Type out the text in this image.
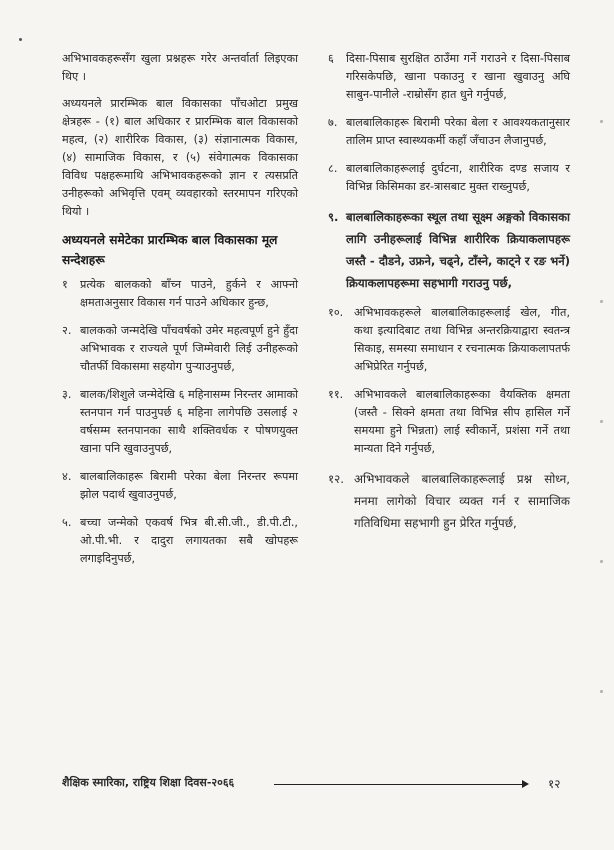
अभिभावकहरूसँग खुला प्रश्नहरू गरेर अन्तर्वार्ता लिइएका थिए ।

अध्ययनले प्रारम्भिक बाल विकासका पाँचओटा प्रमुख क्षेत्रहरू - (१) बाल अधिकार र प्रारम्भिक बाल विकासको महत्व, (२) शारीरिक विकास, (३) संज्ञानात्मक विकास, (४) सामाजिक विकास, र (५) संवेगात्मक विकासका विविध पक्षहरूमाथि अभिभावकहरूको ज्ञान र त्यसप्रति उनीहरूको अभिवृत्ति एवम् व्यवहारको स्तरमापन गरिएको थियो ।

अध्ययनले समेटेका प्रारम्भिक बाल विकासका मूल सन्देशहरू
१	प्रत्येक बालकको बाँच्न पाउने, हुर्कने र आफ्नो क्षमताअनुसार विकास गर्न पाउने अधिकार हुन्छ,
२. बालकको जन्मदेखि पाँचवर्षको उमेर महत्वपूर्ण हुने हुँदा अभिभावक र राज्यले पूर्ण जिम्मेवारी लिई उनीहरूको चौतर्फी विकासमा सहयोग पुऱ्याउनुपर्छ,
३. बालक/शिशुले जन्मेदेखि ६ महिनासम्म निरन्तर आमाको स्तनपान गर्न पाउनुपर्छ ६ महिना लागेपछि उसलाई २ वर्षसम्म स्तनपानका साथै शक्तिवर्धक र पोषणयुक्त खाना पनि खुवाउनुपर्छ,
४. बालबालिकाहरू बिरामी परेका बेला निरन्तर रूपमा झोल पदार्थ खुवाउनुपर्छ,
५. बच्चा जन्मेको एकवर्ष भित्र बी.सी.जी., डी.पी.टी., ओ.पी.भी. र दादुरा लगायतका सबै खोपहरू लगाइदिनुपर्छ,
६	दिसा-पिसाब सुरक्षित ठाउँमा गर्ने गराउने र दिसा-पिसाब गरिसकेपछि, खाना पकाउनु र खाना खुवाउनु अघि साबुन-पानीले -राम्रोसँग हात धुने गर्नुपर्छ,
७. बालबालिकाहरू बिरामी परेका बेला र आवश्यकतानुसार तालिम प्राप्त स्वास्थ्यकर्मी कहाँ जँचाउन लैजानुपर्छ,
८. बालबालिकाहरूलाई दुर्घटना, शारीरिक दण्ड सजाय र विभिन्न किसिमका डर-त्रासबाट मुक्त राख्नुपर्छ,
९. बालबालिकाहरूका स्थूल तथा सूक्ष्म अङ्गको विकासका लागि उनीहरूलाई विभिन्न शारीरिक क्रियाकलापहरू जस्तै - दौडने, उफ्रने, चढ्ने, टाँस्ने, काट्ने र रङ भर्ने) क्रियाकलापहरूमा सहभागी गराउनु पर्छ,
१०. अभिभावकहरूले बालबालिकाहरूलाई खेल, गीत, कथा इत्यादिबाट तथा विभिन्न अन्तरक्रियाद्वारा स्वतन्त्र सिकाइ, समस्या समाधान र रचनात्मक क्रियाकलापतर्फ अभिप्रेरित गर्नुपर्छ,
११. अभिभावकले बालबालिकाहरूका वैयक्तिक क्षमता (जस्तै - सिक्ने क्षमता तथा विभिन्न सीप हासिल गर्ने समयमा हुने भिन्नता) लाई स्वीकार्ने, प्रशंसा गर्ने तथा मान्यता दिने गर्नुपर्छ,
१२. अभिभावकले बालबालिकाहरूलाई प्रश्न सोध्न, मनमा लागेको विचार व्यक्त गर्न र सामाजिक गतिविधिमा सहभागी हुन प्रेरित गर्नुपर्छ,
शैक्षिक स्मारिका, राष्ट्रिय शिक्षा दिवस-२०६६	१२
